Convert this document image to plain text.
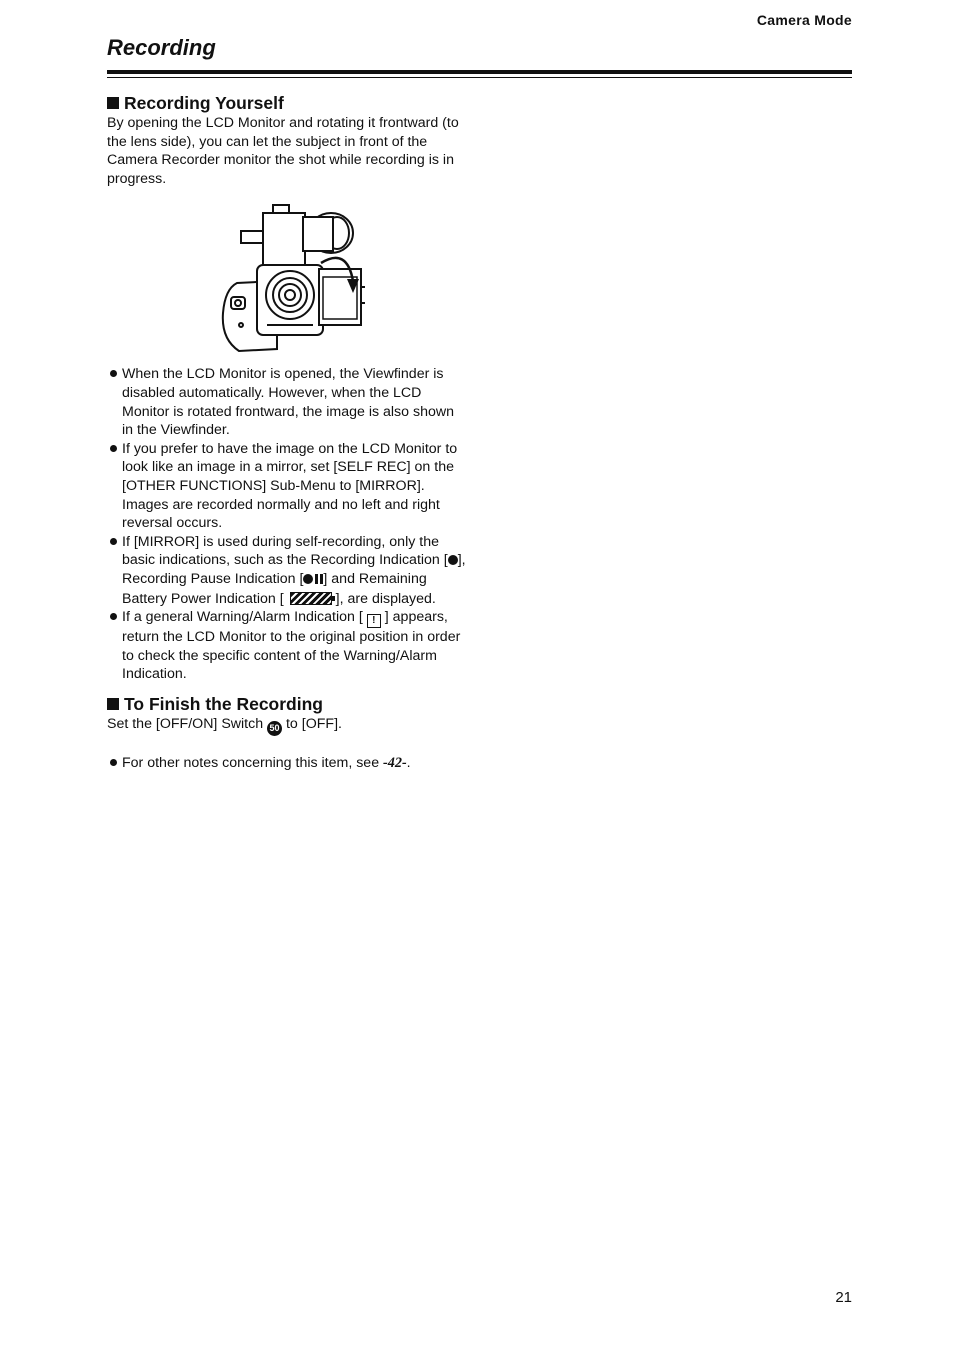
Camera Mode
Recording
Recording Yourself

By opening the LCD Monitor and rotating it frontward (to the lens side), you can let the subject in front of the Camera Recorder monitor the shot while recording is in progress.

When the LCD Monitor is opened, the Viewfinder is disabled automatically. However, when the LCD Monitor is rotated frontward, the image is also shown in the Viewfinder.
If you prefer to have the image on the LCD Monitor to look like an image in a mirror, set [SELF REC] on the [OTHER FUNCTIONS] Sub-Menu to [MIRROR]. Images are recorded normally and no left and right reversal occurs.
If [MIRROR] is used during self-recording, only the basic indications, such as the Recording Indication [ ], Recording Pause Indication [ ] and Remaining Battery Power Indication [	], are displayed.
If a general Warning/Alarm Indication [ ! ] appears, return the LCD Monitor to the original position in order to check the specific content of the Warning/Alarm Indication.
To Finish the Recording

Set the [OFF/ON] Switch 50 to [OFF].

For other notes concerning this item, see -42-.
21
